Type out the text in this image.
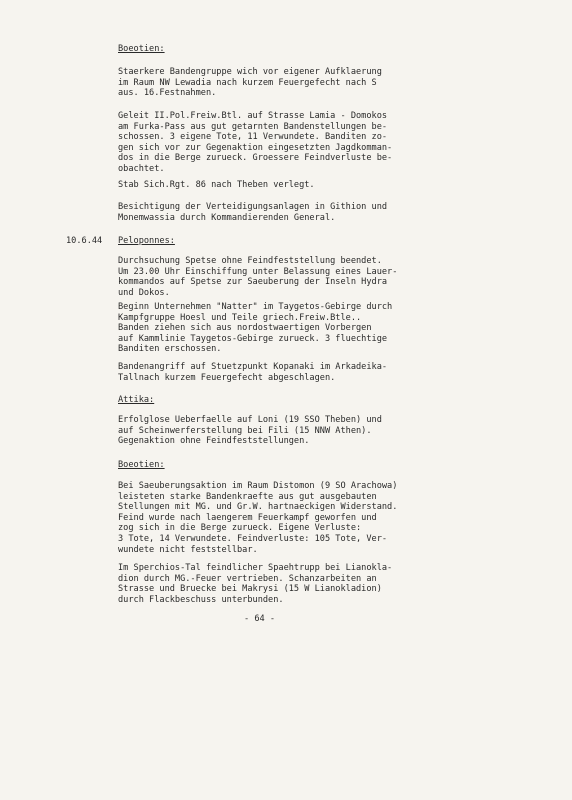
Boeotien:
Staerkere Bandengruppe wich vor eigener Aufklaerung
im Raum NW Lewadia nach kurzem Feuergefecht nach S
aus. 16.Festnahmen.
Geleit II.Pol.Freiw.Btl. auf Strasse Lamia - Domokos
am Furka-Pass aus gut getarnten Bandenstellungen be-
schossen. 3 eigene Tote, 11 Verwundete. Banditen zo-
gen sich vor zur Gegenaktion eingesetzten Jagdkomman-
dos in die Berge zurueck. Groessere Feindverluste be-
obachtet.
Stab Sich.Rgt. 86 nach Theben verlegt.
Besichtigung der Verteidigungsanlagen in Githion und
Monemwassia durch Kommandierenden General.
10.6.44 Peloponnes:
Durchsuchung Spetse ohne Feindfeststellung beendet.
Um 23.00 Uhr Einschiffung unter Belassung eines Lauer-
kommandos auf Spetse zur Saeuberung der Inseln Hydra
und Dokos.
Beginn Unternehmen "Natter" im Taygetos-Gebirge durch
Kampfgruppe Hoesl und Teile griech.Freiw.Btle..
Banden ziehen sich aus nordostwaertigen Vorbergen
auf Kammlinie Taygetos-Gebirge zurueck. 3 fluechtige
Banditen erschossen.
Bandenangriff auf Stuetzpunkt Kopanaki im Arkadeika-
Tallnach kurzem Feuergefecht abgeschlagen.
Attika:
Erfolglose Ueberfaelle auf Loni (19 SSO Theben) und
auf Scheinwerferstellung bei Fili (15 NNW Athen).
Gegenaktion ohne Feindfeststellungen.
Boeotien:
Bei Saeuberungsaktion im Raum Distomon (9 SO Arachowa)
leisteten starke Bandenkraefte aus gut ausgebauten
Stellungen mit MG. und Gr.W. hartnaeckigen Widerstand.
Feind wurde nach laengerem Feuerkampf geworfen und
zog sich in die Berge zurueck. Eigene Verluste:
3 Tote, 14 Verwundete. Feindverluste: 105 Tote, Ver-
wundete nicht feststellbar.
Im Sperchios-Tal feindlicher Spaehtrupp bei Lianokla-
dion durch MG.-Feuer vertrieben. Schanzarbeiten an
Strasse und Bruecke bei Makrysi (15 W Lianokladion)
durch Flackbeschuss unterbunden.
- 64 -
